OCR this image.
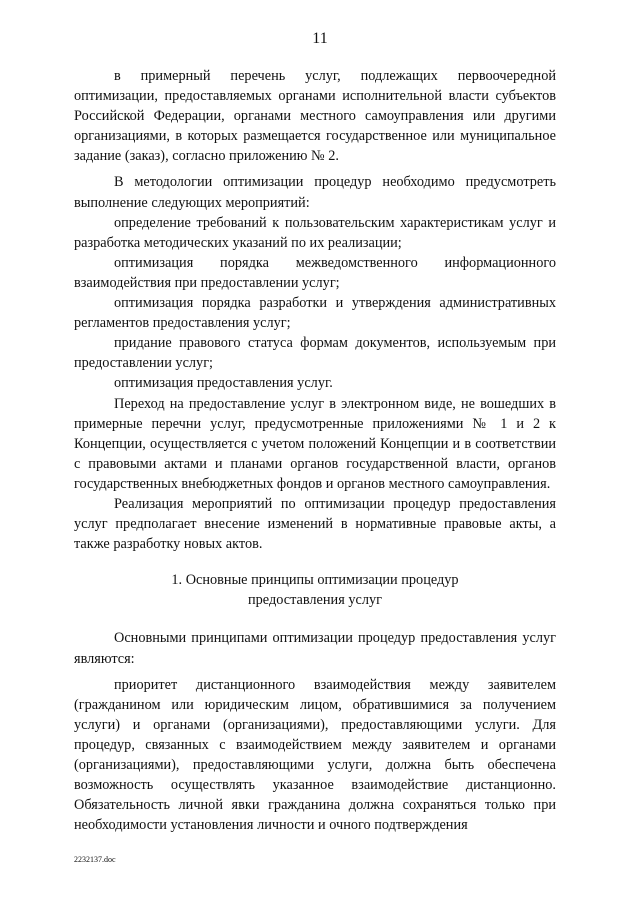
11

в примерный перечень услуг, подлежащих первоочередной оптимизации, предоставляемых органами исполнительной власти субъектов Российской Федерации, органами местного самоуправления или другими организациями, в которых размещается государственное или муниципальное задание (заказ), согласно приложению № 2.

В методологии оптимизации процедур необходимо предусмотреть выполнение следующих мероприятий:

определение требований к пользовательским характеристикам услуг и разработка методических указаний по их реализации;

оптимизация порядка межведомственного информационного взаимодействия при предоставлении услуг;

оптимизация порядка разработки и утверждения административных регламентов предоставления услуг;

придание правового статуса формам документов, используемым при предоставлении услуг;

оптимизация предоставления услуг.

Переход на предоставление услуг в электронном виде, не вошедших в примерные перечни услуг, предусмотренные приложениями № 1 и 2 к Концепции, осуществляется с учетом положений Концепции и в соответствии с правовыми актами и планами органов государственной власти, органов государственных внебюджетных фондов и органов местного самоуправления.

Реализация мероприятий по оптимизации процедур предоставления услуг предполагает внесение изменений в нормативные правовые акты, а также разработку новых актов.

1. Основные принципы оптимизации процедур
предоставления услуг

Основными принципами оптимизации процедур предоставления услуг являются:

приоритет дистанционного взаимодействия между заявителем (гражданином или юридическим лицом, обратившимися за получением услуги) и органами (организациями), предоставляющими услуги. Для процедур, связанных с взаимодействием между заявителем и органами (организациями), предоставляющими услуги, должна быть обеспечена возможность осуществлять указанное взаимодействие дистанционно. Обязательность личной явки гражданина должна сохраняться только при необходимости установления личности и очного подтверждения

2232137.doc
